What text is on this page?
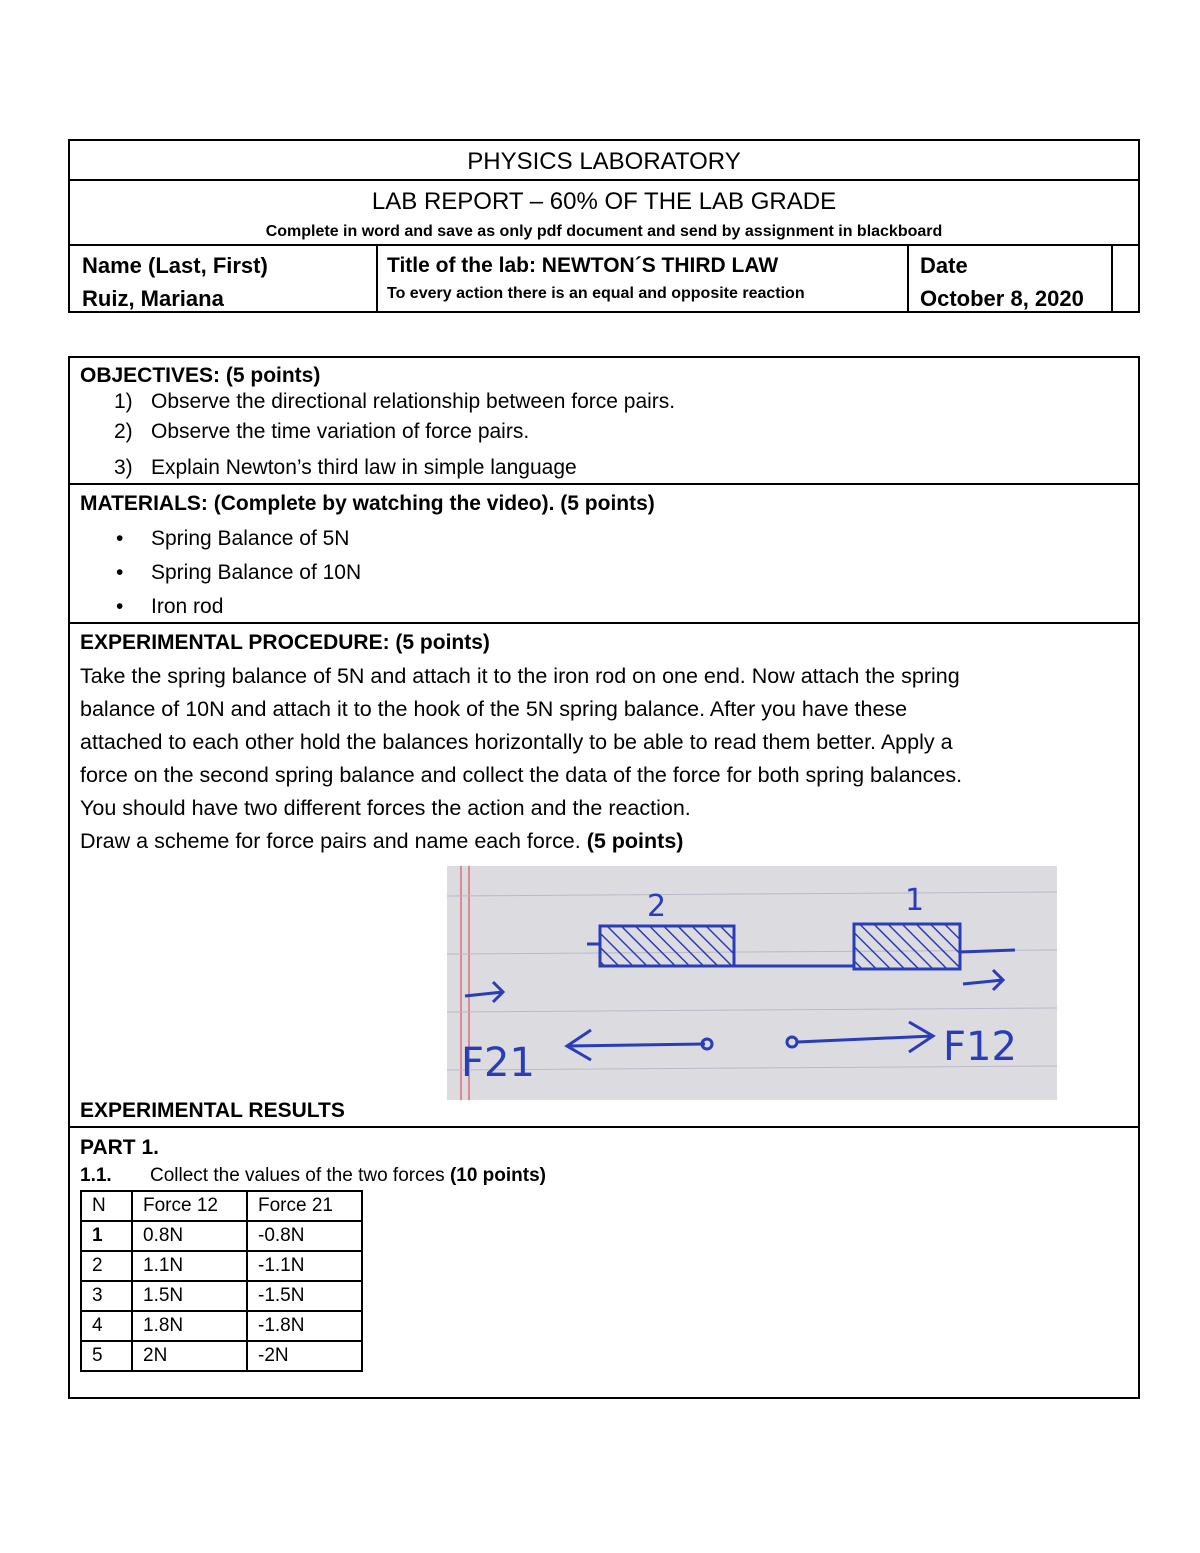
PHYSICS LABORATORY
LAB REPORT – 60% OF THE LAB GRADE
Complete in word and save as only pdf document and send by assignment in blackboard
Name (Last, First)
Ruiz, Mariana
Title of the lab: NEWTON´S THIRD LAW
To every action there is an equal and opposite reaction
Date
October 8, 2020
OBJECTIVES: (5 points)
1) Observe the directional relationship between force pairs.
2) Observe the time variation of force pairs.
3) Explain Newton’s third law in simple language
MATERIALS: (Complete by watching the video). (5 points)
• Spring Balance of 5N
• Spring Balance of 10N
• Iron rod
EXPERIMENTAL PROCEDURE: (5 points)
Take the spring balance of 5N and attach it to the iron rod on one end. Now attach the spring
balance of 10N and attach it to the hook of the 5N spring balance. After you have these
attached to each other hold the balances horizontally to be able to read them better. Apply a
force on the second spring balance and collect the data of the force for both spring balances.
You should have two different forces the action and the reaction.
Draw a scheme for force pairs and name each force. (5 points)
2	1
F21	F12
EXPERIMENTAL RESULTS
PART 1.
1.1. Collect the values of the two forces (10 points)
N	Force 12	Force 21
1	0.8N	-0.8N
2	1.1N	-1.1N
3	1.5N	-1.5N
4	1.8N	-1.8N
5	2N	-2N
